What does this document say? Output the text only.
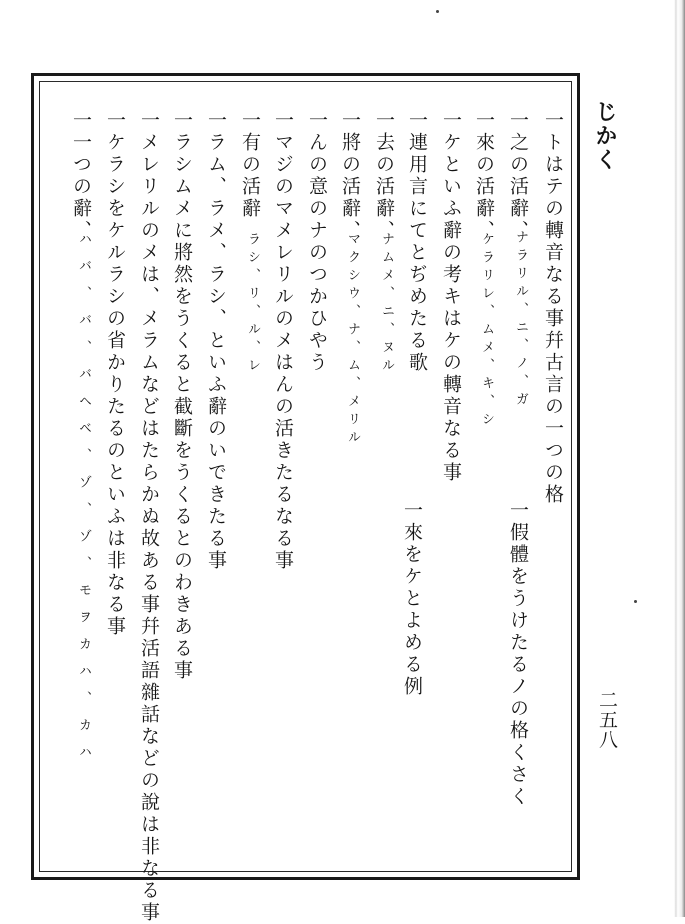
じかく
二五八
一トはテの轉音なる事幷古言の一つの格
一之の活辭、
一來の活辭、
一ケといふ辭の考キはケの轉音なる事
一連用言にてとぢめたる歌
一去の活辭、
一將の活辭、
一んの意のナのつかひやう
一マジのマメレリルのメはんの活きたるなる事
一有の活辭
一ラム、ラメ、ラシ、といふ辭のいできたる事
一ラシムメに將然をうくると截斷をうくるとのわきある事
一メレリルのメは、メラムなどはたらかぬ故ある事幷活語雜話などの說は非なる事
一ケラシをケルラシの省かりたるのといふは非なる事
一一つの辭、
ナラリル、ニ、ノ、ガ
一假體をうけたるノの格くさく
ケラリレ、ムメ、キ、シ
一來をケとよめる例
ナムメ、ニ、ヌル
マクシウ、ナ、ム、メリル
ラシ、リ、ル、レ
ハバ、バ、バヘベ、ゾ、ゾ、モヲカハ、カハ
